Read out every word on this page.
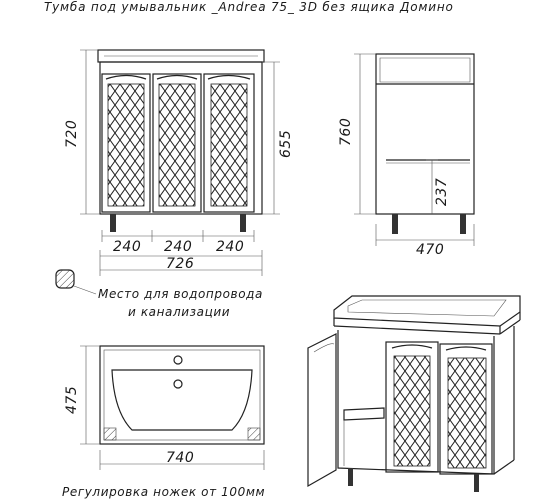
Тумба под умывальник _Andrea 75_ 3D без ящика Домино
720	655
240 240 240
726
760
237
470
Место для водопровода
и канализации
475
740
Регулировка ножек от 100мм
